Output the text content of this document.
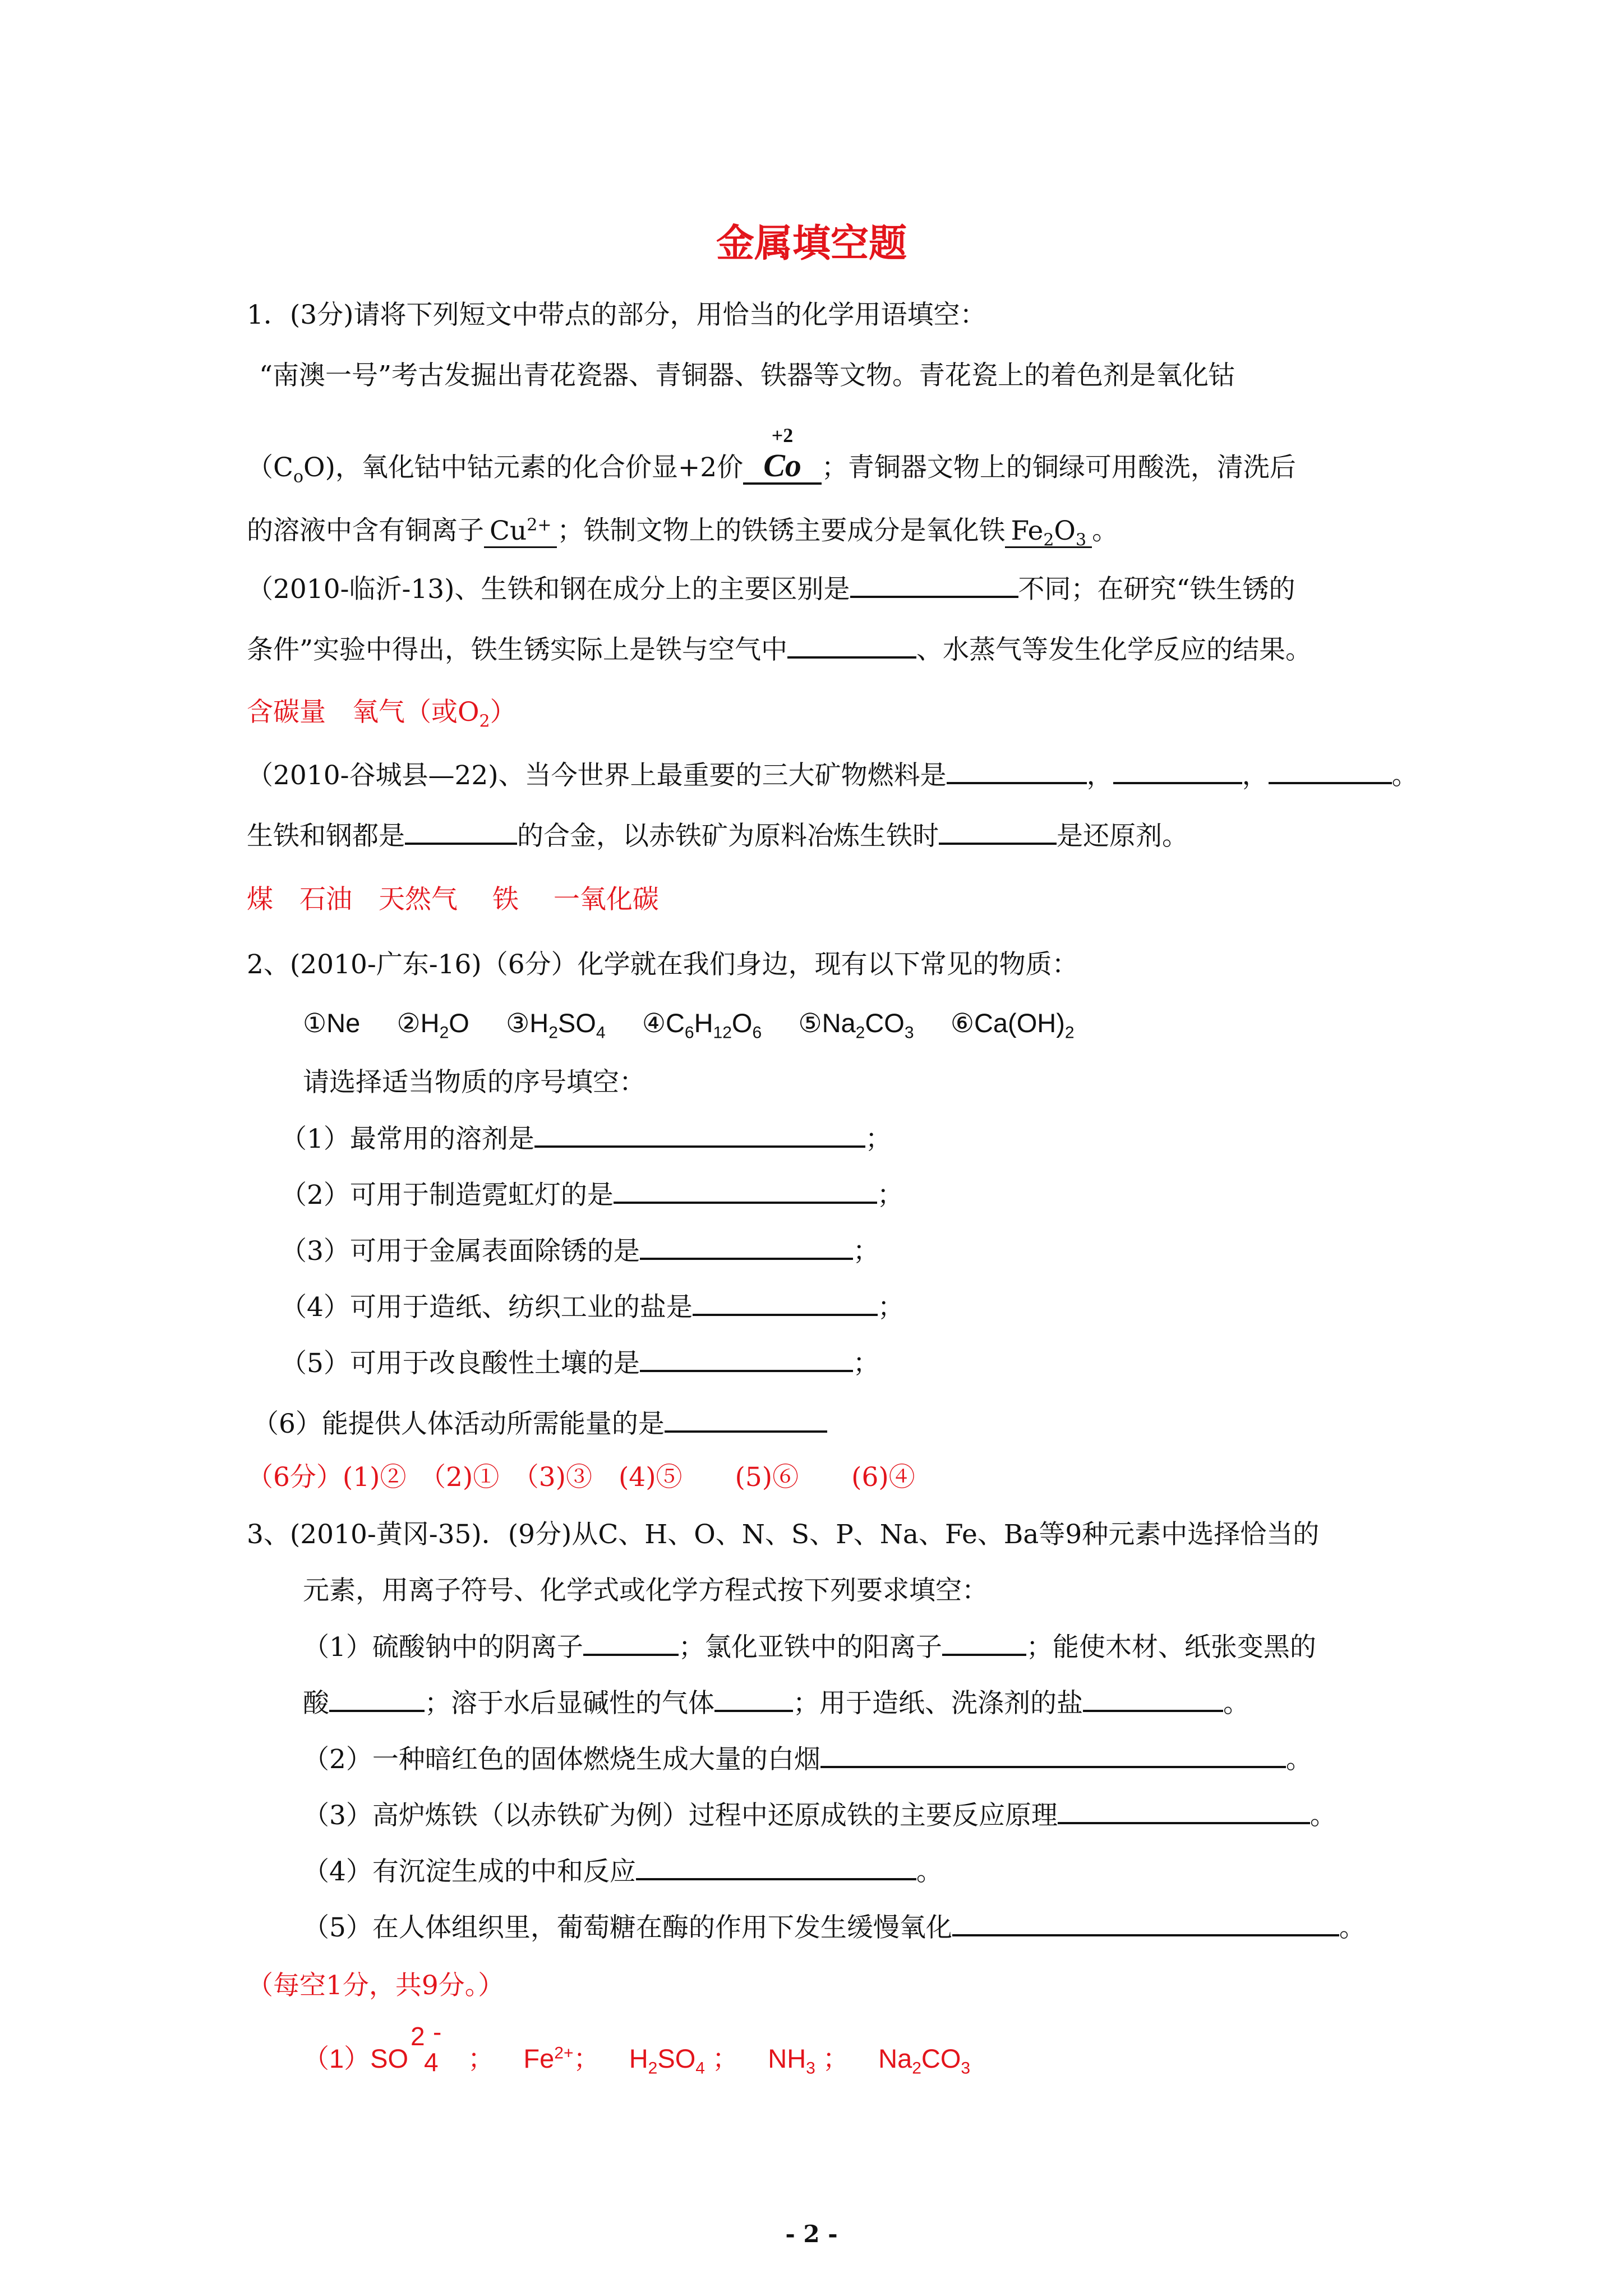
金属填空题
1．(3分)请将下列短文中带点的部分，用恰当的化学用语填空：
“南澳一号”考古发掘出青花瓷器、青铜器、铁器等文物。青花瓷上的着色剂是氧化钴
$(C_oO)$，氧化钴中钴元素的化合价显+2价
+2
Co ；青铜器文物上的铜绿可用酸洗，清洗后
的溶液中含有铜离子 $Cu^{2+}$ ；铁制文物上的铁锈主要成分是氧化铁 $Fe_2O_3$ 。
（2010-临沂-13)、生铁和钢在成分上的主要区别是	不同；在研究“铁生锈的
条件”实验中得出，铁生锈实际上是铁与空气中	、水蒸气等发生化学反应的结果。
含碳量　氧气（或$O_2$）
（2010-谷城县—22)、当今世界上最重要的三大矿物燃料是	，	，	。
生铁和钢都是	的合金，以赤铁矿为原料冶炼生铁时	是还原剂。
煤　石油　天然气　 铁　 一氧化碳
2、(2010-广东-16)（6分）化学就在我们身边，现有以下常见的物质：
①Ne $②H_2O$ $③H_2SO_4$ $④C_6H_{12}O_6$ $⑤Na_2CO_3$ $⑥Ca(OH)_2$
请选择适当物质的序号填空：
（1）最常用的溶剂是	；
（2）可用于制造霓虹灯的是	；
（3）可用于金属表面除锈的是	；
（4）可用于造纸、纺织工业的盐是	；
（5）可用于改良酸性土壤的是	；
（6）能提供人体活动所需能量的是
（6分）(1)②　（2)①　（3)③　(4)⑤　　(5)⑥　　(6)④
3、(2010-黄冈-35)．(9分)从C、H、O、N、S、P、Na、Fe、Ba等9种元素中选择恰当的
元素，用离子符号、化学式或化学方程式按下列要求填空：
（1）硫酸钠中的阴离子	；氯化亚铁中的阳离子	；能使木材、纸张变黑的
酸	；溶于水后显碱性的气体	；用于造纸、洗涤剂的盐	。
（2）一种暗红色的固体燃烧生成大量的白烟	。
（3）高炉炼铁（以赤铁矿为例）过程中还原成铁的主要反应原理	。
（4）有沉淀生成的中和反应	。
（5）在人体组织里，葡萄糖在酶的作用下发生缓慢氧化	。
（每空1分，共9分。）
（1）SO
2 -
4 ； $Fe^{2+}$； $H_2SO_4$ ； $NH_3$ ； $Na_2CO_3$
- 2 -
